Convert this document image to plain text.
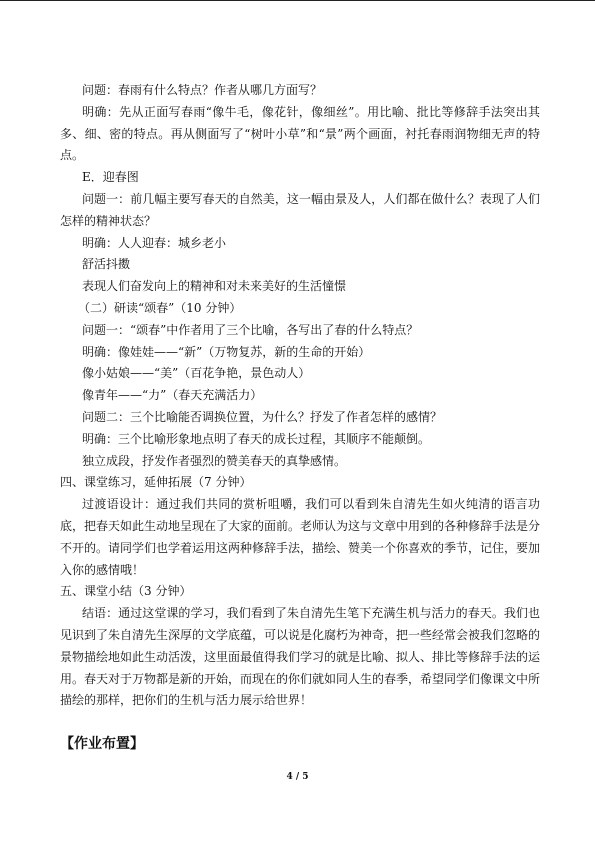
问题：春雨有什么特点？作者从哪几方面写？

明确：先从正面写春雨“像牛毛，像花针，像细丝”。用比喻、批比等修辞手法突出其多、细、密的特点。再从侧面写了“树叶小草”和“景”两个画面，衬托春雨润物细无声的特点。

E．迎春图

问题一：前几幅主要写春天的自然美，这一幅由景及人，人们都在做什么？表现了人们怎样的精神状态？

明确：人人迎春：城乡老小

舒活抖擞

表现人们奋发向上的精神和对未来美好的生活憧憬

（二）研读“颂春”（10 分钟）

问题一：“颂春”中作者用了三个比喻，各写出了春的什么特点？

明确：像娃娃——“新”（万物复苏，新的生命的开始）

像小姑娘——“美”（百花争艳，景色动人）

像青年——“力”（春天充满活力）

问题二：三个比喻能否调换位置，为什么？抒发了作者怎样的感情？

明确：三个比喻形象地点明了春天的成长过程，其顺序不能颠倒。

独立成段，抒发作者强烈的赞美春天的真挚感情。

四、课堂练习，延伸拓展（7 分钟）

过渡语设计：通过我们共同的赏析咀嚼，我们可以看到朱自清先生如火纯清的语言功底，把春天如此生动地呈现在了大家的面前。老师认为这与文章中用到的各种修辞手法是分不开的。请同学们也学着运用这两种修辞手法，描绘、赞美一个你喜欢的季节，记住，要加入你的感情哦！

五、课堂小结（3 分钟）

结语：通过这堂课的学习，我们看到了朱自清先生笔下充满生机与活力的春天。我们也见识到了朱自清先生深厚的文学底蕴，可以说是化腐朽为神奇，把一些经常会被我们忽略的景物描绘地如此生动活泼，这里面最值得我们学习的就是比喻、拟人、排比等修辞手法的运用。春天对于万物都是新的开始，而现在的你们就如同人生的春季，希望同学们像课文中所描绘的那样，把你们的生机与活力展示给世界！

【作业布置】

4 / 5
